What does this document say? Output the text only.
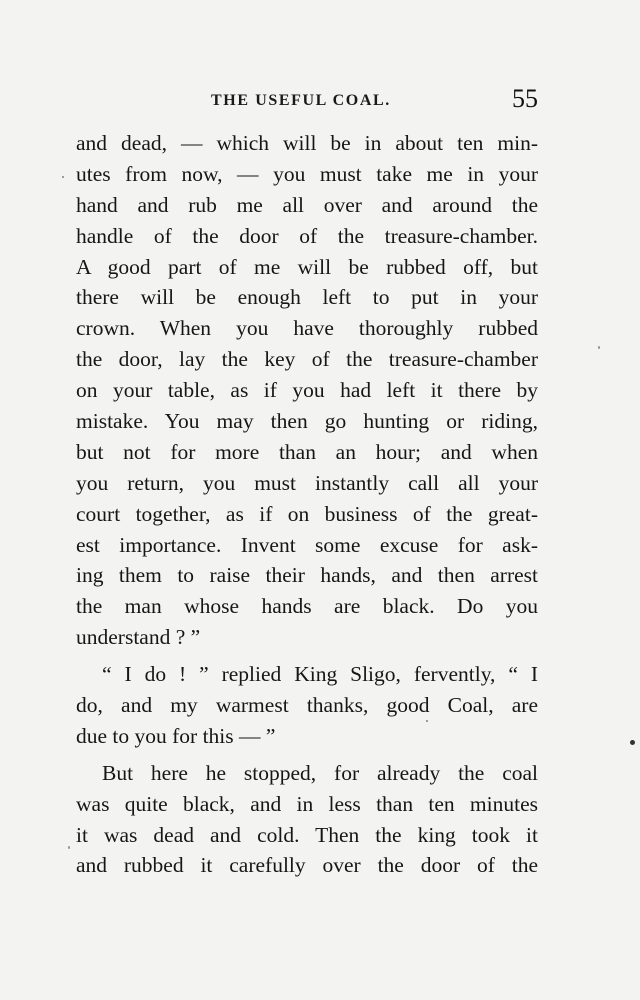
THE USEFUL COAL.	55
and dead, — which will be in about ten min-
utes from now, — you must take me in your
hand and rub me all over and around the
handle of the door of the treasure-chamber.
A good part of me will be rubbed off, but
there will be enough left to put in your
crown. When you have thoroughly rubbed
the door, lay the key of the treasure-chamber
on your table, as if you had left it there by
mistake. You may then go hunting or riding,
but not for more than an hour; and when
you return, you must instantly call all your
court together, as if on business of the great-
est importance. Invent some excuse for ask-
ing them to raise their hands, and then arrest
the man whose hands are black. Do you
understand ? ”
“ I do ! ” replied King Sligo, fervently, “ I
do, and my warmest thanks, good Coal, are
due to you for this — ”
But here he stopped, for already the coal
was quite black, and in less than ten minutes
it was dead and cold. Then the king took it
and rubbed it carefully over the door of the
